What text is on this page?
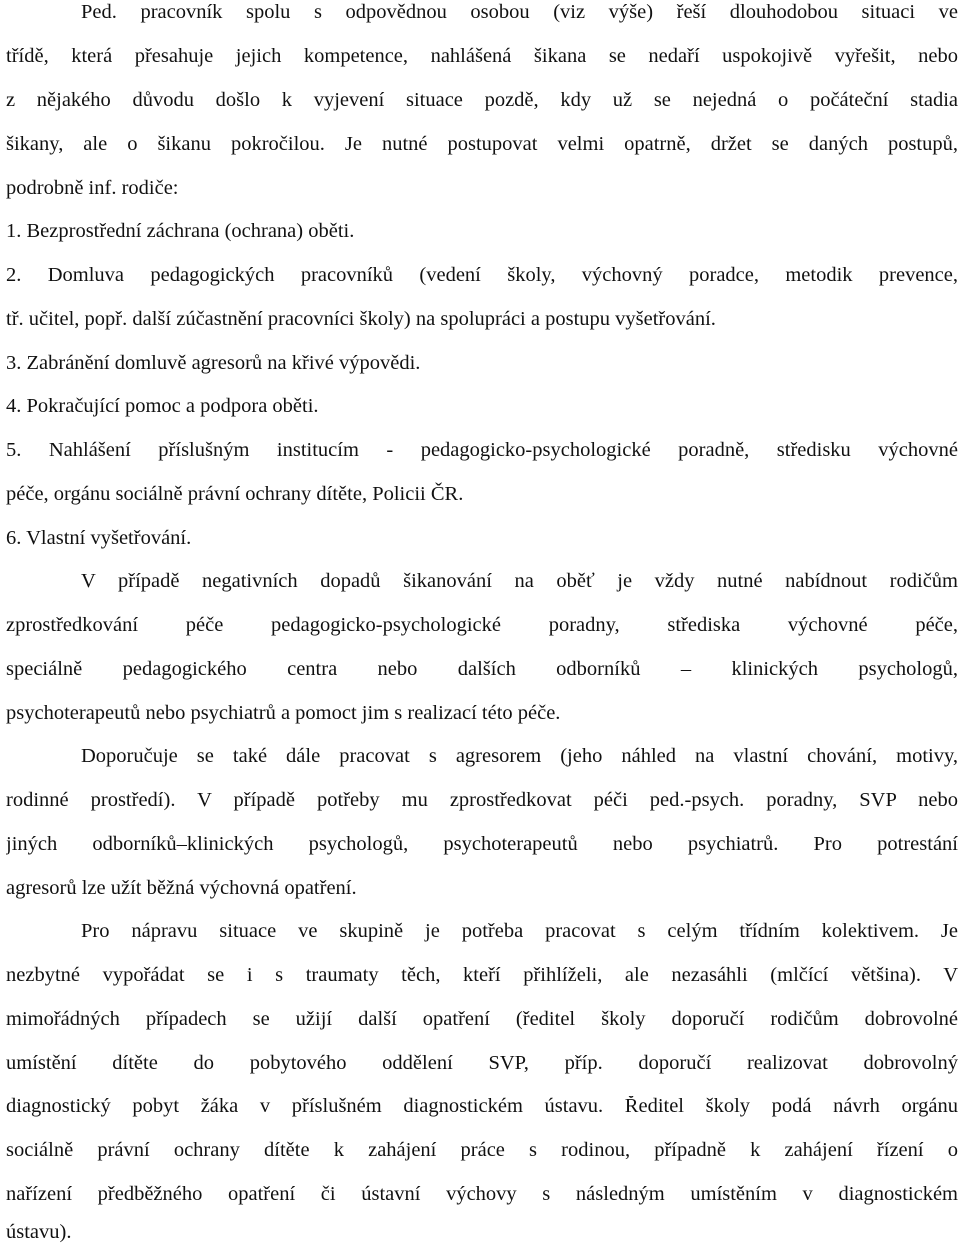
Ped. pracovník spolu s odpovědnou osobou (viz výše) řeší dlouhodobou situaci ve
třídě, která přesahuje jejich kompetence, nahlášená šikana se nedaří uspokojivě vyřešit, nebo
z nějakého důvodu došlo k vyjevení situace pozdě, kdy už se nejedná o počáteční stadia
šikany, ale o šikanu pokročilou. Je nutné postupovat velmi opatrně, držet se daných postupů,
podrobně inf. rodiče:
1. Bezprostřední záchrana (ochrana) oběti.
2. Domluva pedagogických pracovníků (vedení školy, výchovný poradce, metodik prevence,
tř. učitel, popř. další zúčastnění pracovníci školy) na spolupráci a postupu vyšetřování.
3. Zabránění domluvě agresorů na křivé výpovědi.
4. Pokračující pomoc a podpora oběti.
5. Nahlášení příslušným institucím - pedagogicko-psychologické poradně, středisku výchovné
péče, orgánu sociálně právní ochrany dítěte, Policii ČR.
6. Vlastní vyšetřování.
V případě negativních dopadů šikanování na oběť je vždy nutné nabídnout rodičům
zprostředkování péče pedagogicko-psychologické poradny, střediska výchovné péče,
speciálně pedagogického centra nebo dalších odborníků – klinických psychologů,
psychoterapeutů nebo psychiatrů a pomoct jim s realizací této péče.
Doporučuje se také dále pracovat s agresorem (jeho náhled na vlastní chování, motivy,
rodinné prostředí). V případě potřeby mu zprostředkovat péči ped.-psych. poradny, SVP nebo
jiných odborníků–klinických psychologů, psychoterapeutů nebo psychiatrů. Pro potrestání
agresorů lze užít běžná výchovná opatření.
Pro nápravu situace ve skupině je potřeba pracovat s celým třídním kolektivem. Je
nezbytné vypořádat se i s traumaty těch, kteří přihlíželi, ale nezasáhli (mlčící většina). V
mimořádných případech se užijí další opatření (ředitel školy doporučí rodičům dobrovolné
umístění dítěte do pobytového oddělení SVP, příp. doporučí realizovat dobrovolný
diagnostický pobyt žáka v příslušném diagnostickém ústavu. Ředitel školy podá návrh orgánu
sociálně právní ochrany dítěte k zahájení práce s rodinou, případně k zahájení řízení o
nařízení předběžného opatření či ústavní výchovy s následným umístěním v diagnostickém
ústavu).
